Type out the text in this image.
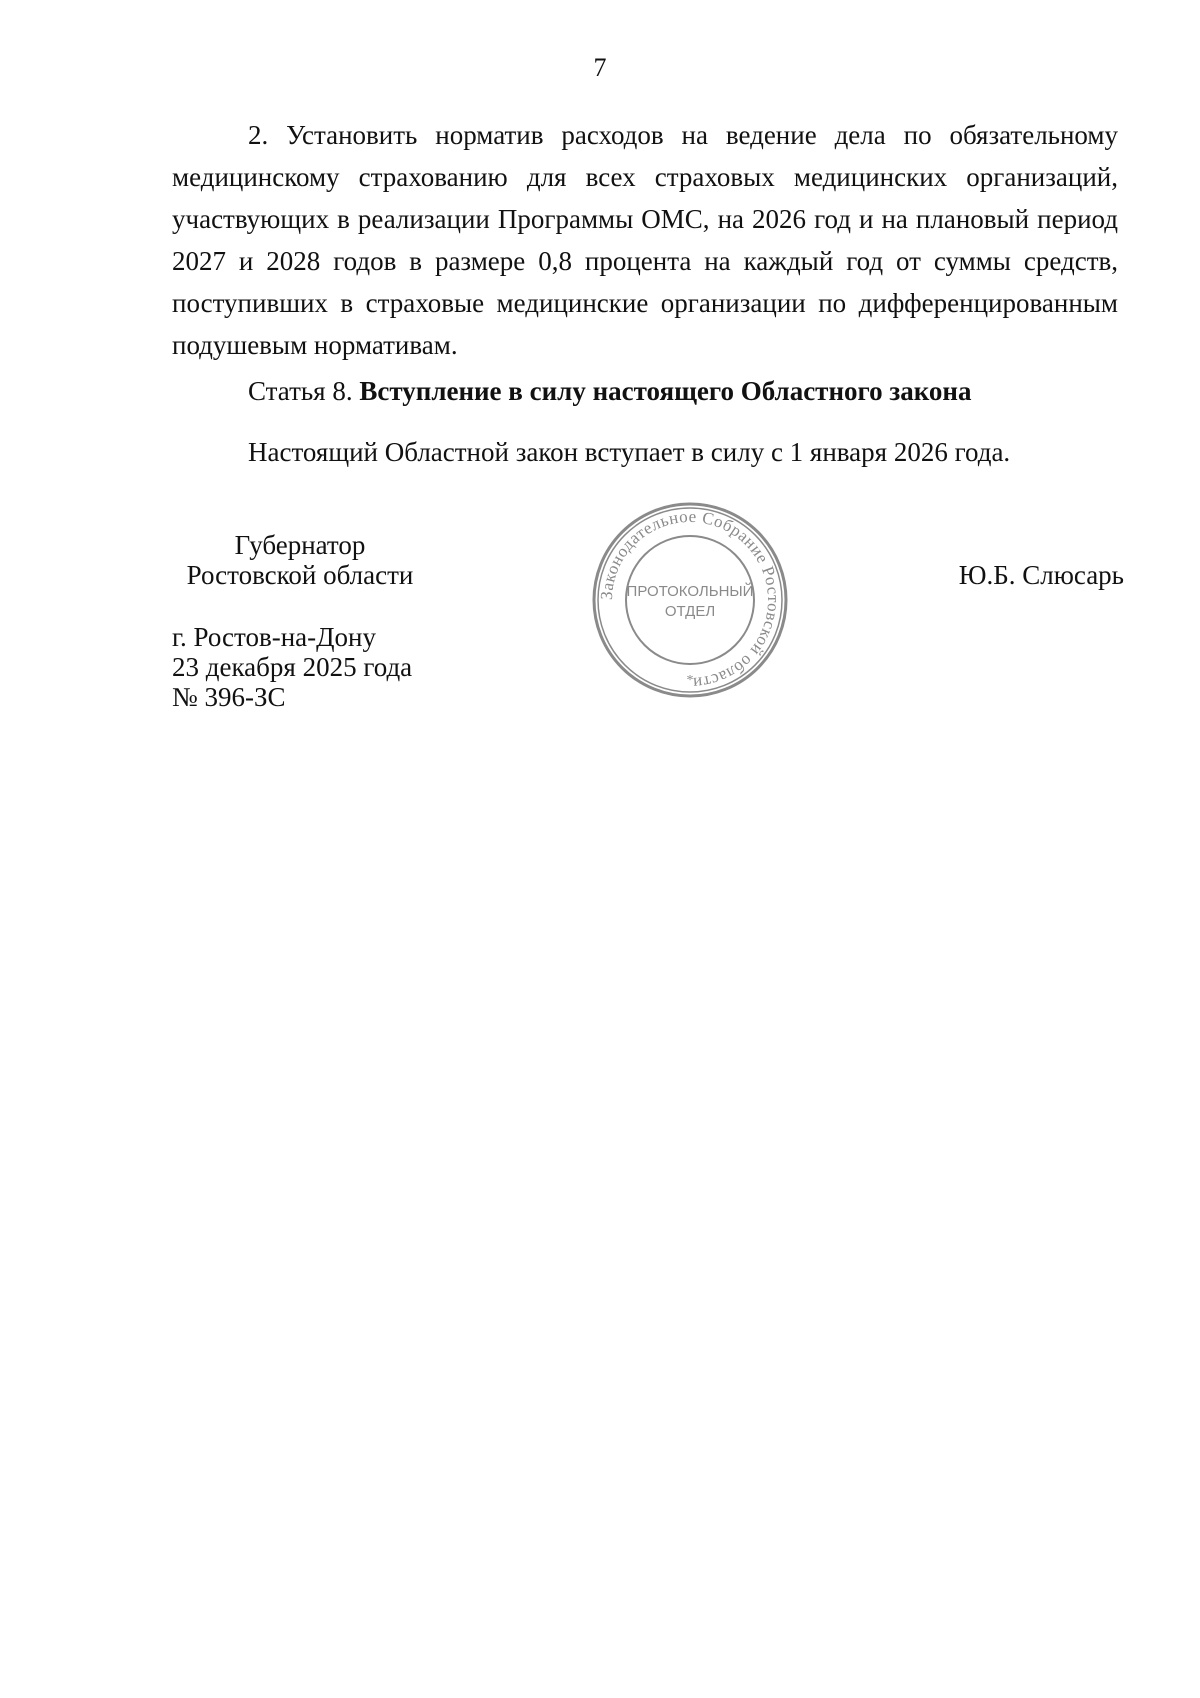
7

2. Установить норматив расходов на ведение дела по обязательному медицинскому страхованию для всех страховых медицинских организаций, участвующих в реализации Программы ОМС, на 2026 год и на плановый период 2027 и 2028 годов в размере 0,8 процента на каждый год от суммы средств, поступивших в страховые медицинские организации по дифференцированным подушевым нормативам.

Статья 8. Вступление в силу настоящего Областного закона

Настоящий Областной закон вступает в силу с 1 января 2026 года.

Губернатор
Ростовской области
г. Ростов-на-Дону
23 декабря 2025 года
№ 396-ЗС
Ю.Б. Слюсарь
Законодательное Собрание Ростовской области
ПРОТОКОЛЬНЫЙ
ОТДЕЛ
*
